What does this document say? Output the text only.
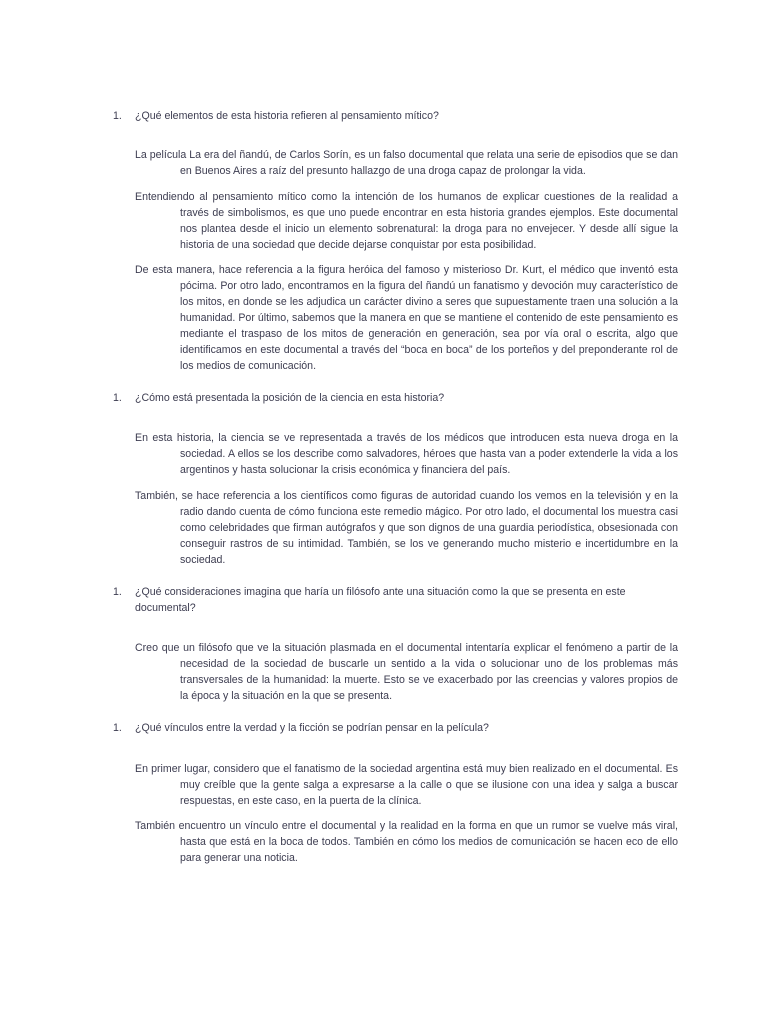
1. ¿Qué elementos de esta historia refieren al pensamiento mítico?

La película La era del ñandú, de Carlos Sorín, es un falso documental que relata una serie de episodios que se dan en Buenos Aires a raíz del presunto hallazgo de una droga capaz de prolongar la vida.

Entendiendo al pensamiento mítico como la intención de los humanos de explicar cuestiones de la realidad a través de simbolismos, es que uno puede encontrar en esta historia grandes ejemplos. Este documental nos plantea desde el inicio un elemento sobrenatural: la droga para no envejecer. Y desde allí sigue la historia de una sociedad que decide dejarse conquistar por esta posibilidad.

De esta manera, hace referencia a la figura heróica del famoso y misterioso Dr. Kurt, el médico que inventó esta pócima. Por otro lado, encontramos en la figura del ñandú un fanatismo y devoción muy característico de los mitos, en donde se les adjudica un carácter divino a seres que supuestamente traen una solución a la humanidad. Por último, sabemos que la manera en que se mantiene el contenido de este pensamiento es mediante el traspaso de los mitos de generación en generación, sea por vía oral o escrita, algo que identificamos en este documental a través del “boca en boca” de los porteños y del preponderante rol de los medios de comunicación.

1. ¿Cómo está presentada la posición de la ciencia en esta historia?

En esta historia, la ciencia se ve representada a través de los médicos que introducen esta nueva droga en la sociedad. A ellos se los describe como salvadores, héroes que hasta van a poder extenderle la vida a los argentinos y hasta solucionar la crisis económica y financiera del país.

También, se hace referencia a los científicos como figuras de autoridad cuando los vemos en la televisión y en la radio dando cuenta de cómo funciona este remedio mágico. Por otro lado, el documental los muestra casi como celebridades que firman autógrafos y que son dignos de una guardia periodística, obsesionada con conseguir rastros de su intimidad. También, se los ve generando mucho misterio e incertidumbre en la sociedad.

1. ¿Qué consideraciones imagina que haría un filósofo ante una situación como la que se presenta en este documental?

Creo que un filósofo que ve la situación plasmada en el documental intentaría explicar el fenómeno a partir de la necesidad de la sociedad de buscarle un sentido a la vida o solucionar uno de los problemas más transversales de la humanidad: la muerte. Esto se ve exacerbado por las creencias y valores propios de la época y la situación en la que se presenta.

1. ¿Qué vínculos entre la verdad y la ficción se podrían pensar en la película?

En primer lugar, considero que el fanatismo de la sociedad argentina está muy bien realizado en el documental. Es muy creíble que la gente salga a expresarse a la calle o que se ilusione con una idea y salga a buscar respuestas, en este caso, en la puerta de la clínica.

También encuentro un vínculo entre el documental y la realidad en la forma en que un rumor se vuelve más viral, hasta que está en la boca de todos. También en cómo los medios de comunicación se hacen eco de ello para generar una noticia.
